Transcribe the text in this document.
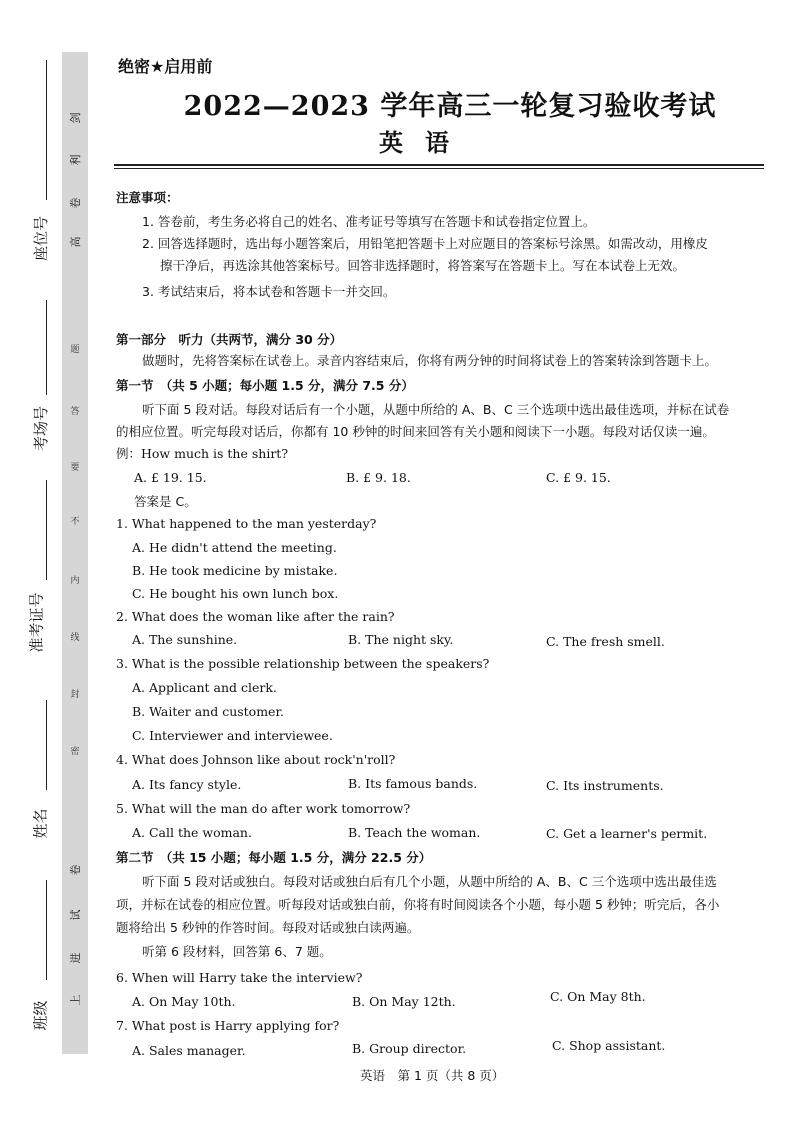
剑
利
卷
高
题
答
要
不
内
线
封
密
卷
试
进
上
座位号
考场号
准考证号
姓名
班级
绝密★启用前
2022—2023 学年高三一轮复习验收考试
英语
注意事项：
1. 答卷前，考生务必将自己的姓名、准考证号等填写在答题卡和试卷指定位置上。
2. 回答选择题时，选出每小题答案后，用铅笔把答题卡上对应题目的答案标号涂黑。如需改动，用橡皮
擦干净后，再选涂其他答案标号。回答非选择题时，将答案写在答题卡上。写在本试卷上无效。
3. 考试结束后，将本试卷和答题卡一并交回。
第一部分　听力（共两节，满分 30 分）
做题时，先将答案标在试卷上。录音内容结束后，你将有两分钟的时间将试卷上的答案转涂到答题卡上。
第一节　（共 5 小题；每小题 1.5 分，满分 7.5 分）
听下面 5 段对话。每段对话后有一个小题，从题中所给的 A、B、C 三个选项中选出最佳选项，并标在试卷
的相应位置。听完每段对话后，你都有 10 秒钟的时间来回答有关小题和阅读下一小题。每段对话仅读一遍。
例：How much is the shirt?
A. £ 19. 15.	B. £ 9. 18.	C. £ 9. 15.
答案是 C。
1. What happened to the man yesterday?
A. He didn't attend the meeting.
B. He took medicine by mistake.
C. He bought his own lunch box.
2. What does the woman like after the rain?
A. The sunshine.	B. The night sky.	C. The fresh smell.
3. What is the possible relationship between the speakers?
A. Applicant and clerk.
B. Waiter and customer.
C. Interviewer and interviewee.
4. What does Johnson like about rock'n'roll?
A. Its fancy style.	B. Its famous bands.	C. Its instruments.
5. What will the man do after work tomorrow?
A. Call the woman.	B. Teach the woman.	C. Get a learner's permit.
第二节　（共 15 小题；每小题 1.5 分，满分 22.5 分）
听下面 5 段对话或独白。每段对话或独白后有几个小题，从题中所给的 A、B、C 三个选项中选出最佳选
项，并标在试卷的相应位置。听每段对话或独白前，你将有时间阅读各个小题，每小题 5 秒钟；听完后，各小
题将给出 5 秒钟的作答时间。每段对话或独白读两遍。
听第 6 段材料，回答第 6、7 题。
6. When will Harry take the interview?
A. On May 10th.	B. On May 12th.	C. On May 8th.
7. What post is Harry applying for?
A. Sales manager.	B. Group director.	C. Shop assistant.
英语　第 1 页（共 8 页）
